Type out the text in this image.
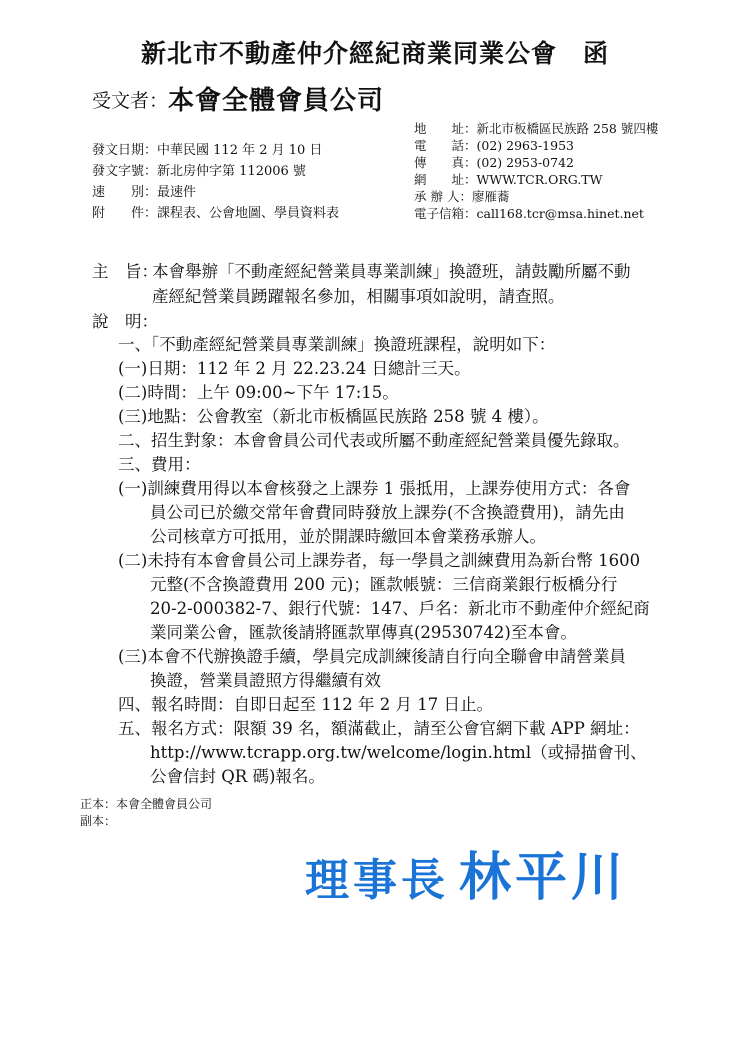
新北市不動產仲介經紀商業同業公會　函
受文者： 本會全體會員公司
地　　址：新北市板橋區民族路 258 號四樓
電　　話：(02) 2963-1953
傳　　真：(02) 2953-0742
網　　址：WWW.TCR.ORG.TW
承 辦 人：廖雁蕎
電子信箱：call168.tcr@msa.hinet.net
發文日期：中華民國 112 年 2 月 10 日
發文字號：新北房仲字第 112006 號
速　　別：最速件
附　　件：課程表、公會地圖、學員資料表
主　旨：
本會舉辦「不動產經紀營業員專業訓練」換證班，請鼓勵所屬不動
產經紀營業員踴躍報名參加，相關事項如說明，請查照。
說　明：
一、「不動產經紀營業員專業訓練」換證班課程，說明如下：
(一)日期：112 年 2 月 22.23.24 日總計三天。
(二)時間：上午 09:00~下午 17:15。
(三)地點：公會教室（新北市板橋區民族路 258 號 4 樓）。
二、招生對象：本會會員公司代表或所屬不動產經紀營業員優先錄取。
三、費用：
(一)訓練費用得以本會核發之上課券 1 張抵用，上課券使用方式：各會
員公司已於繳交常年會費同時發放上課券(不含換證費用)，請先由
公司核章方可抵用，並於開課時繳回本會業務承辦人。
(二)未持有本會會員公司上課券者，每一學員之訓練費用為新台幣 1600
元整(不含換證費用 200 元)；匯款帳號：三信商業銀行板橋分行
20-2-000382-7、銀行代號：147、戶名：新北市不動產仲介經紀商
業同業公會，匯款後請將匯款單傳真(29530742)至本會。
(三)本會不代辦換證手續，學員完成訓練後請自行向全聯會申請營業員
換證，營業員證照方得繼續有效
四、報名時間：自即日起至 112 年 2 月 17 日止。
五、報名方式：限額 39 名，額滿截止，請至公會官網下載 APP 網址：
http://www.tcrapp.org.tw/welcome/login.html（或掃描會刊、
公會信封 QR 碼)報名。
正本：本會全體會員公司
副本：
理事長 林平川
